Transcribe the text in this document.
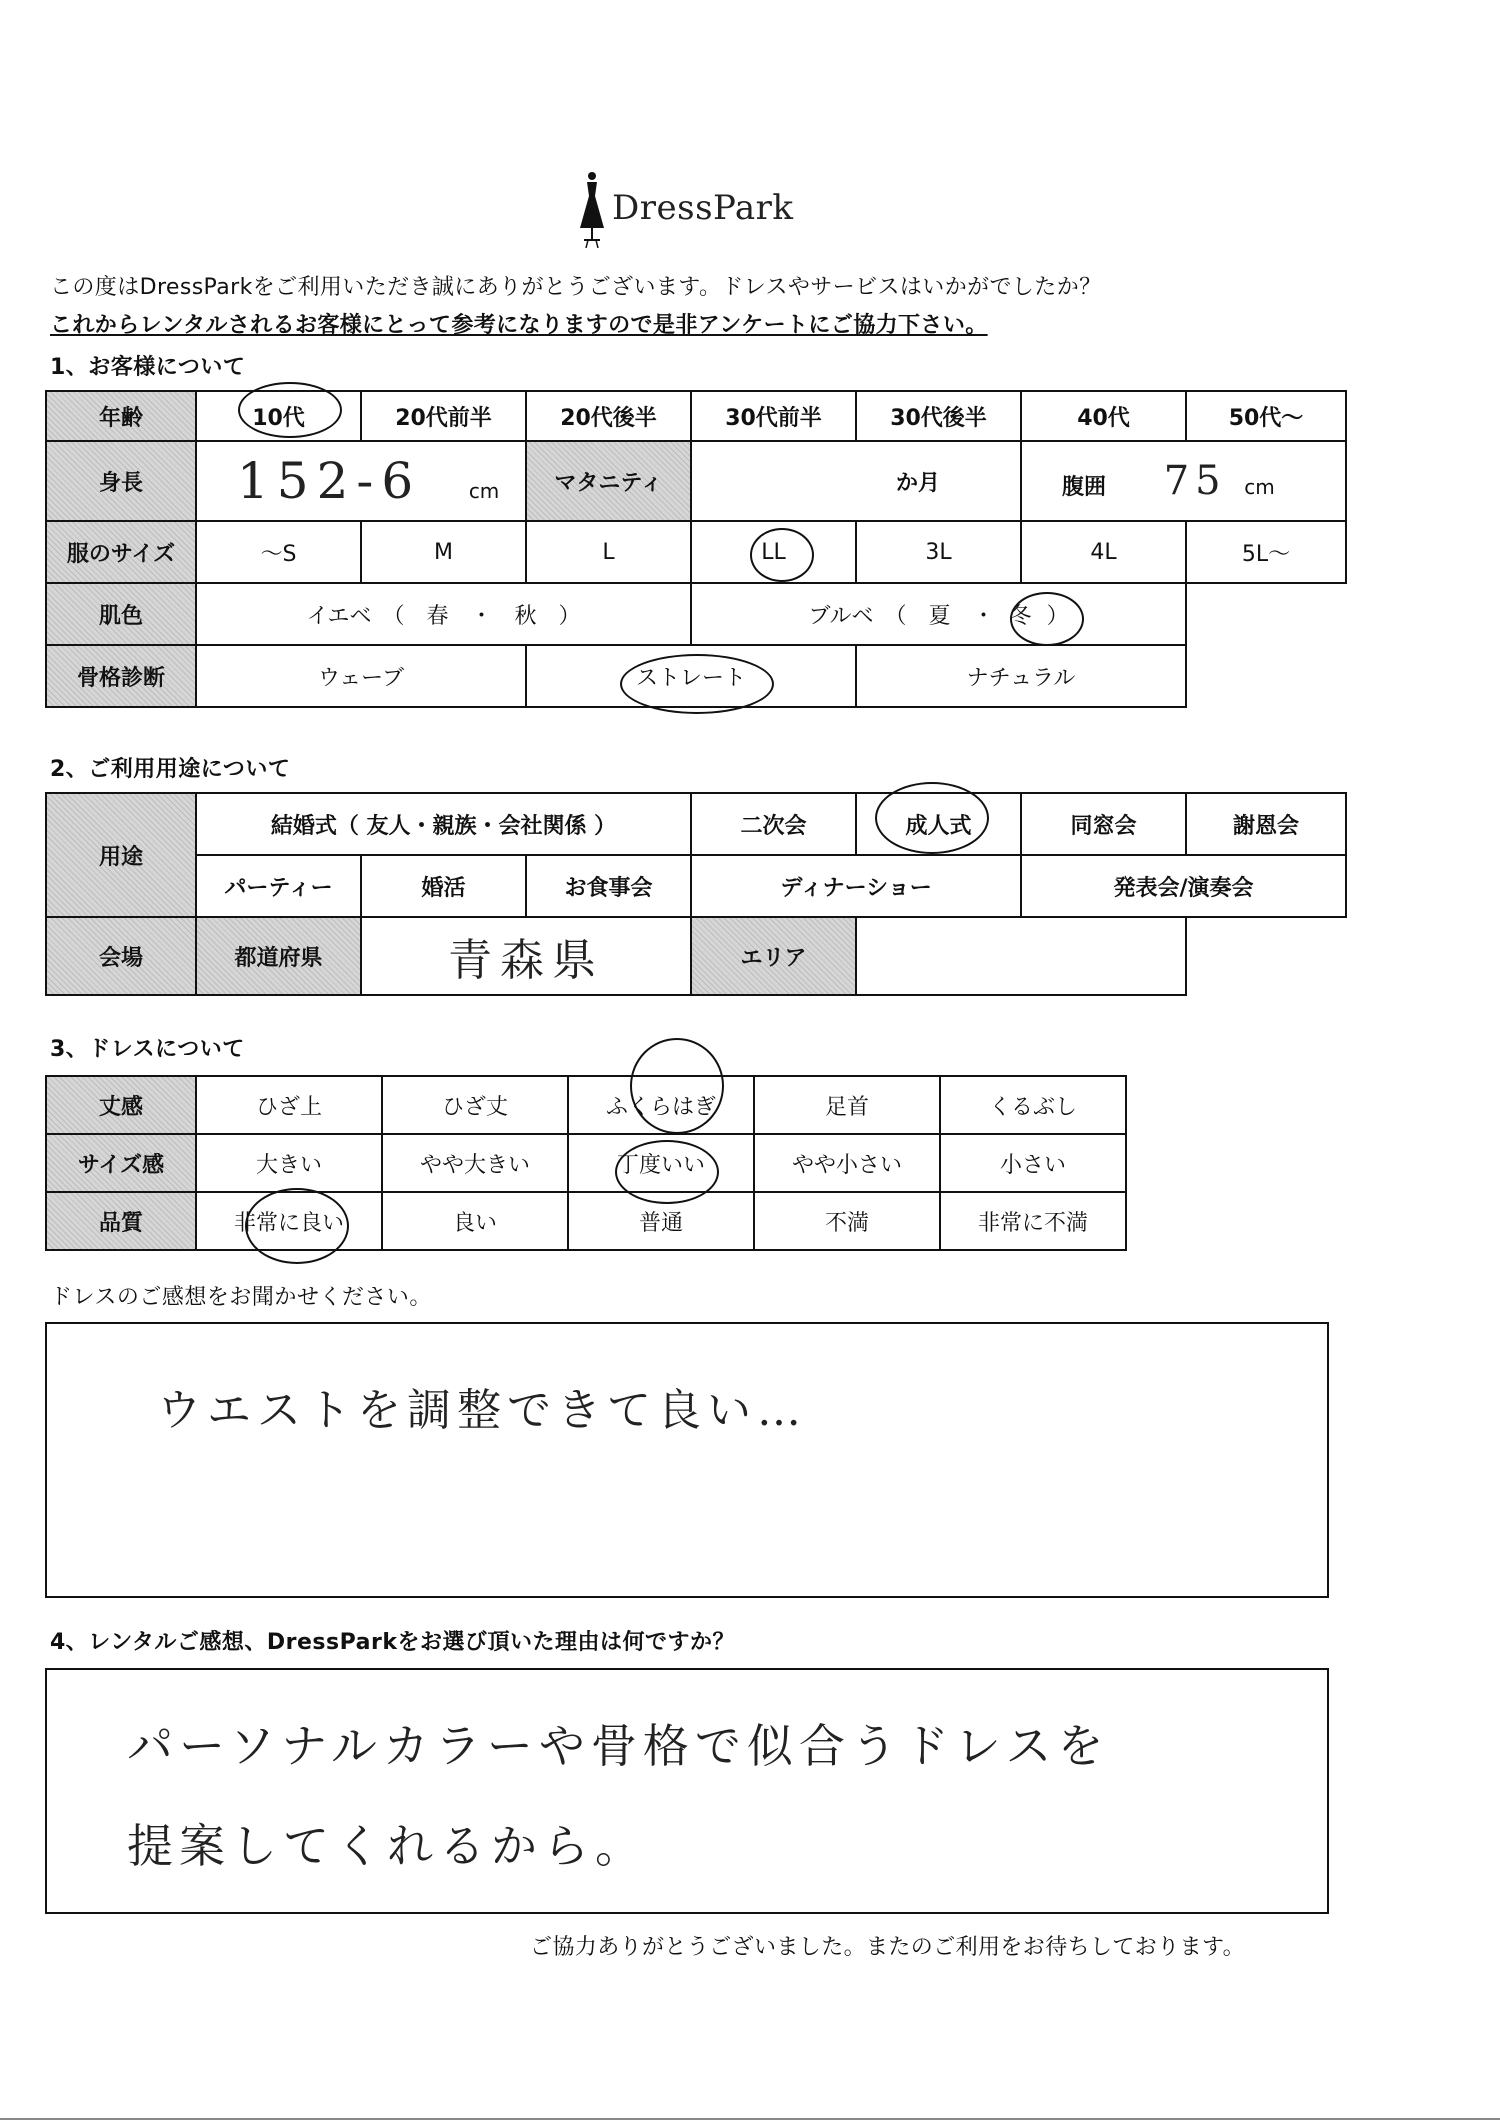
DressPark
この度はDressParkをご利用いただき誠にありがとうございます。ドレスやサービスはいかがでしたか？
これからレンタルされるお客様にとって参考になりますので是非アンケートにご協力下さい。
1、お客様について
年齢	10代	20代前半	20代後半	30代前半	30代後半	40代	50代～
身長	152-6 cm		マタニティ	か月		腹囲 75 cm	
服のサイズ	～S	M	L	LL	3L	4L	5L～
肌色	イエベ　（　春　・　秋　）			ブルベ　（　夏　・ 冬 ）			
骨格診断	ウェーブ		ストレート		ナチュラル		
2、ご利用用途について
用途	結婚式（ 友人・親族・会社関係 ）			二次会	成人式	同窓会	謝恩会
	パーティー	婚活	お食事会	ディナーショー		発表会/演奏会	
会場	都道府県	青森県		エリア			
3、ドレスについて
丈感	ひざ上	ひざ丈	ふくらはぎ	足首	くるぶし
サイズ感	大きい	やや大きい	丁度いい	やや小さい	小さい
品質	非常に良い	良い	普通	不満	非常に不満
ドレスのご感想をお聞かせください。
ウエストを調整できて良い…
4、レンタルご感想、DressParkをお選び頂いた理由は何ですか？
パーソナルカラーや骨格で似合うドレスを
提案してくれるから。
ご協力ありがとうございました。またのご利用をお待ちしております。
